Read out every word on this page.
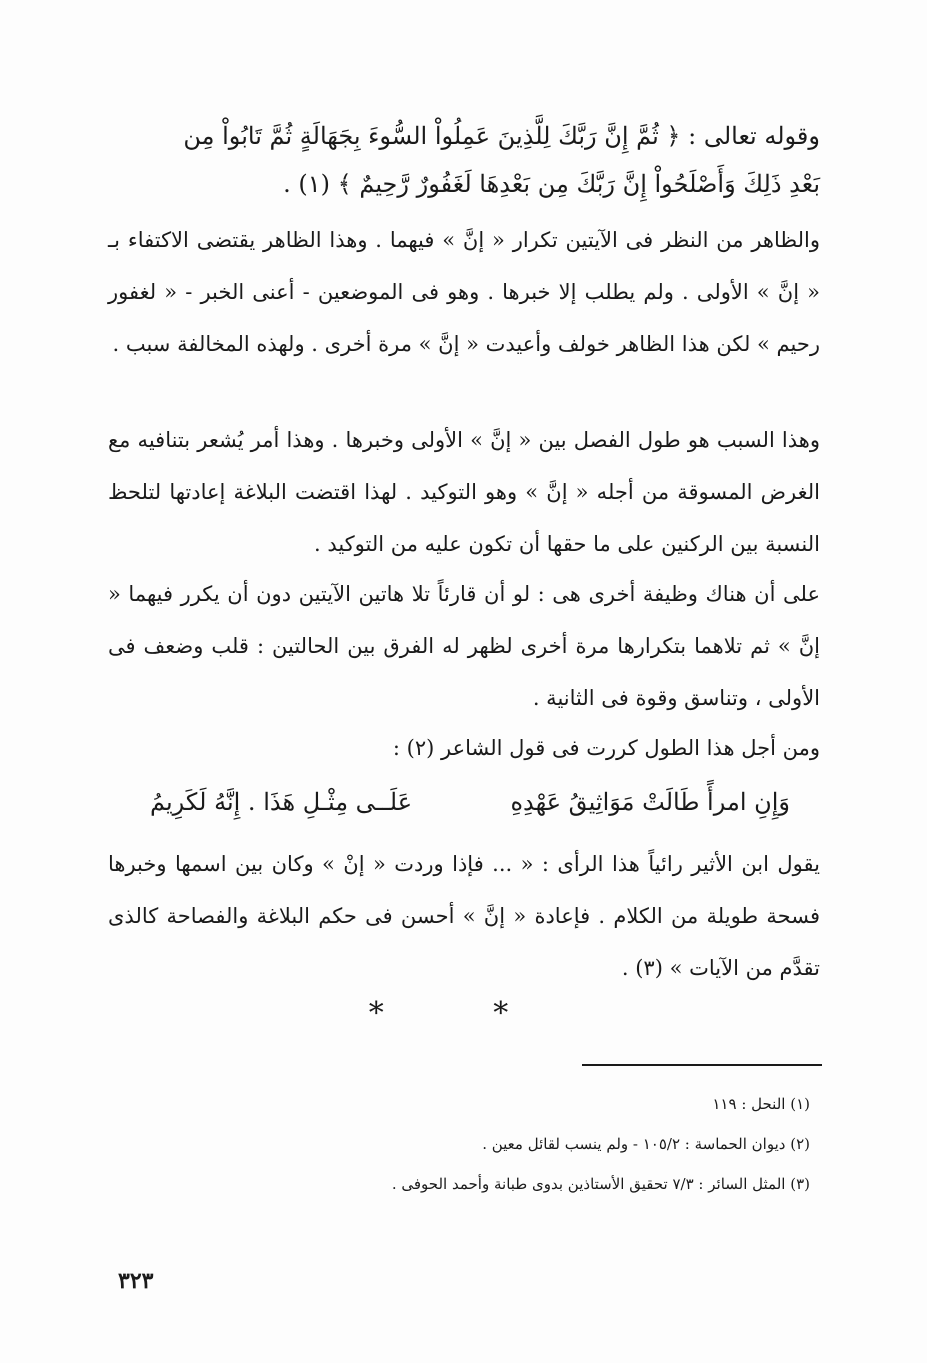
وقوله تعالى : ﴿ ثُمَّ إِنَّ رَبَّكَ لِلَّذِينَ عَمِلُواْ السُّوءَ بِجَهَالَةٍ ثُمَّ تَابُواْ مِن

بَعْدِ ذَلِكَ وَأَصْلَحُواْ إِنَّ رَبَّكَ مِن بَعْدِهَا لَغَفُورٌ رَّحِيمٌ ﴾ (١) .

والظاهر من النظر فى الآيتين تكرار « إنَّ » فيهما . وهذا الظاهر يقتضى الاكتفاء بـ « إنَّ » الأولى . ولم يطلب إلا خبرها . وهو فى الموضعين - أعنى الخبر - « لغفور رحيم » لكن هذا الظاهر خولف وأعيدت « إنَّ » مرة أخرى . ولهذه المخالفة سبب .

وهذا السبب هو طول الفصل بين « إنَّ » الأولى وخبرها . وهذا أمر يُشعر بتنافيه مع الغرض المسوقة من أجله « إنَّ » وهو التوكيد . لهذا اقتضت البلاغة إعادتها لتلحظ النسبة بين الركنين على ما حقها أن تكون عليه من التوكيد .

على أن هناك وظيفة أخرى هى : لو أن قارئاً تلا هاتين الآيتين دون أن يكرر فيهما « إنَّ » ثم تلاهما بتكرارها مرة أخرى لظهر له الفرق بين الحالتين : قلب وضعف فى الأولى ، وتناسق وقوة فى الثانية .

ومن أجل هذا الطول كررت فى قول الشاعر (٢) :

وَإِنِ امرأً طَالَتْ مَوَاثِيقُ عَهْدِهِ
عَلَــى مِثْـلِ هَذَا . إِنَّهُ لَكَرِيمُ

يقول ابن الأثير رائياً هذا الرأى : « ... فإذا وردت « إنْ » وكان بين اسمها وخبرها فسحة طويلة من الكلام . فإعادة « إنَّ » أحسن فى حكم البلاغة والفصاحة كالذى تقدَّم من الآيات » (٣) .

* *
(١) النحل : ١١٩
(٢) ديوان الحماسة : ١٠٥/٢ - ولم ينسب لقائل معين .
(٣) المثل السائر : ٧/٣ تحقيق الأستاذين بدوى طبانة وأحمد الحوفى .
٣٢٣
